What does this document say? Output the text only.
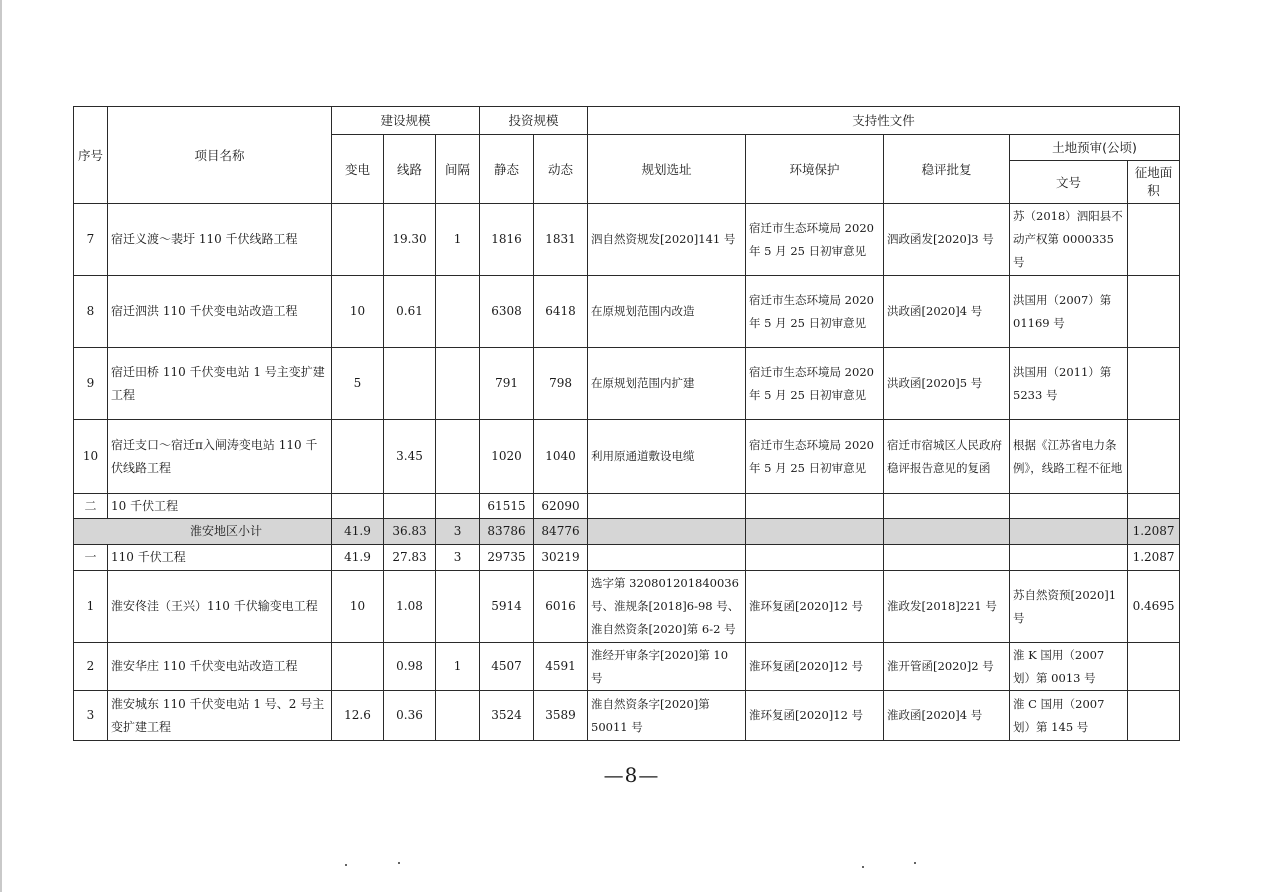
序号	项目名称	建设规模			投资规模		支持性文件				
		变电	线路	间隔	静态	动态	规划选址	环境保护	稳评批复	土地预审(公顷)	
										文号	征地面积
7	宿迁义渡～裴圩 110 千伏线路工程		19.30	1	1816	1831	泗自然资规发[2020]141 号	宿迁市生态环境局 2020 年 5 月 25 日初审意见	泗政函发[2020]3 号	苏（2018）泗阳县不动产权第 0000335 号	
8	宿迁泗洪 110 千伏变电站改造工程	10	0.61		6308	6418	在原规划范围内改造	宿迁市生态环境局 2020 年 5 月 25 日初审意见	洪政函[2020]4 号	洪国用（2007）第 01169 号	
9	宿迁田桥 110 千伏变电站 1 号主变扩建工程	5			791	798	在原规划范围内扩建	宿迁市生态环境局 2020 年 5 月 25 日初审意见	洪政函[2020]5 号	洪国用（2011）第 5233 号	
10	宿迁支口～宿迁π入闸涛变电站 110 千伏线路工程		3.45		1020	1040	利用原通道敷设电缆	宿迁市生态环境局 2020 年 5 月 25 日初审意见	宿迁市宿城区人民政府稳评报告意见的复函	根据《江苏省电力条例》，线路工程不征地	
二	10 千伏工程				61515	62090					
淮安地区小计		41.9	36.83	3	83786	84776					1.2087
一	110 千伏工程	41.9	27.83	3	29735	30219					1.2087
1	淮安佟洼（王兴）110 千伏输变电工程	10	1.08		5914	6016	选字第 320801201840036 号、淮规条[2018]6-98 号、淮自然资条[2020]第 6-2 号	淮环复函[2020]12 号	淮政发[2018]221 号	苏自然资预[2020]1 号	0.4695
2	淮安华庄 110 千伏变电站改造工程		0.98	1	4507	4591	淮经开审条字[2020]第 10 号	淮环复函[2020]12 号	淮开管函[2020]2 号	淮 K 国用（2007 划）第 0013 号	
3	淮安城东 110 千伏变电站 1 号、2 号主变扩建工程	12.6	0.36		3524	3589	淮自然资条字[2020]第 50011 号	淮环复函[2020]12 号	淮政函[2020]4 号	淮 C 国用（2007 划）第 145 号	
—8—
